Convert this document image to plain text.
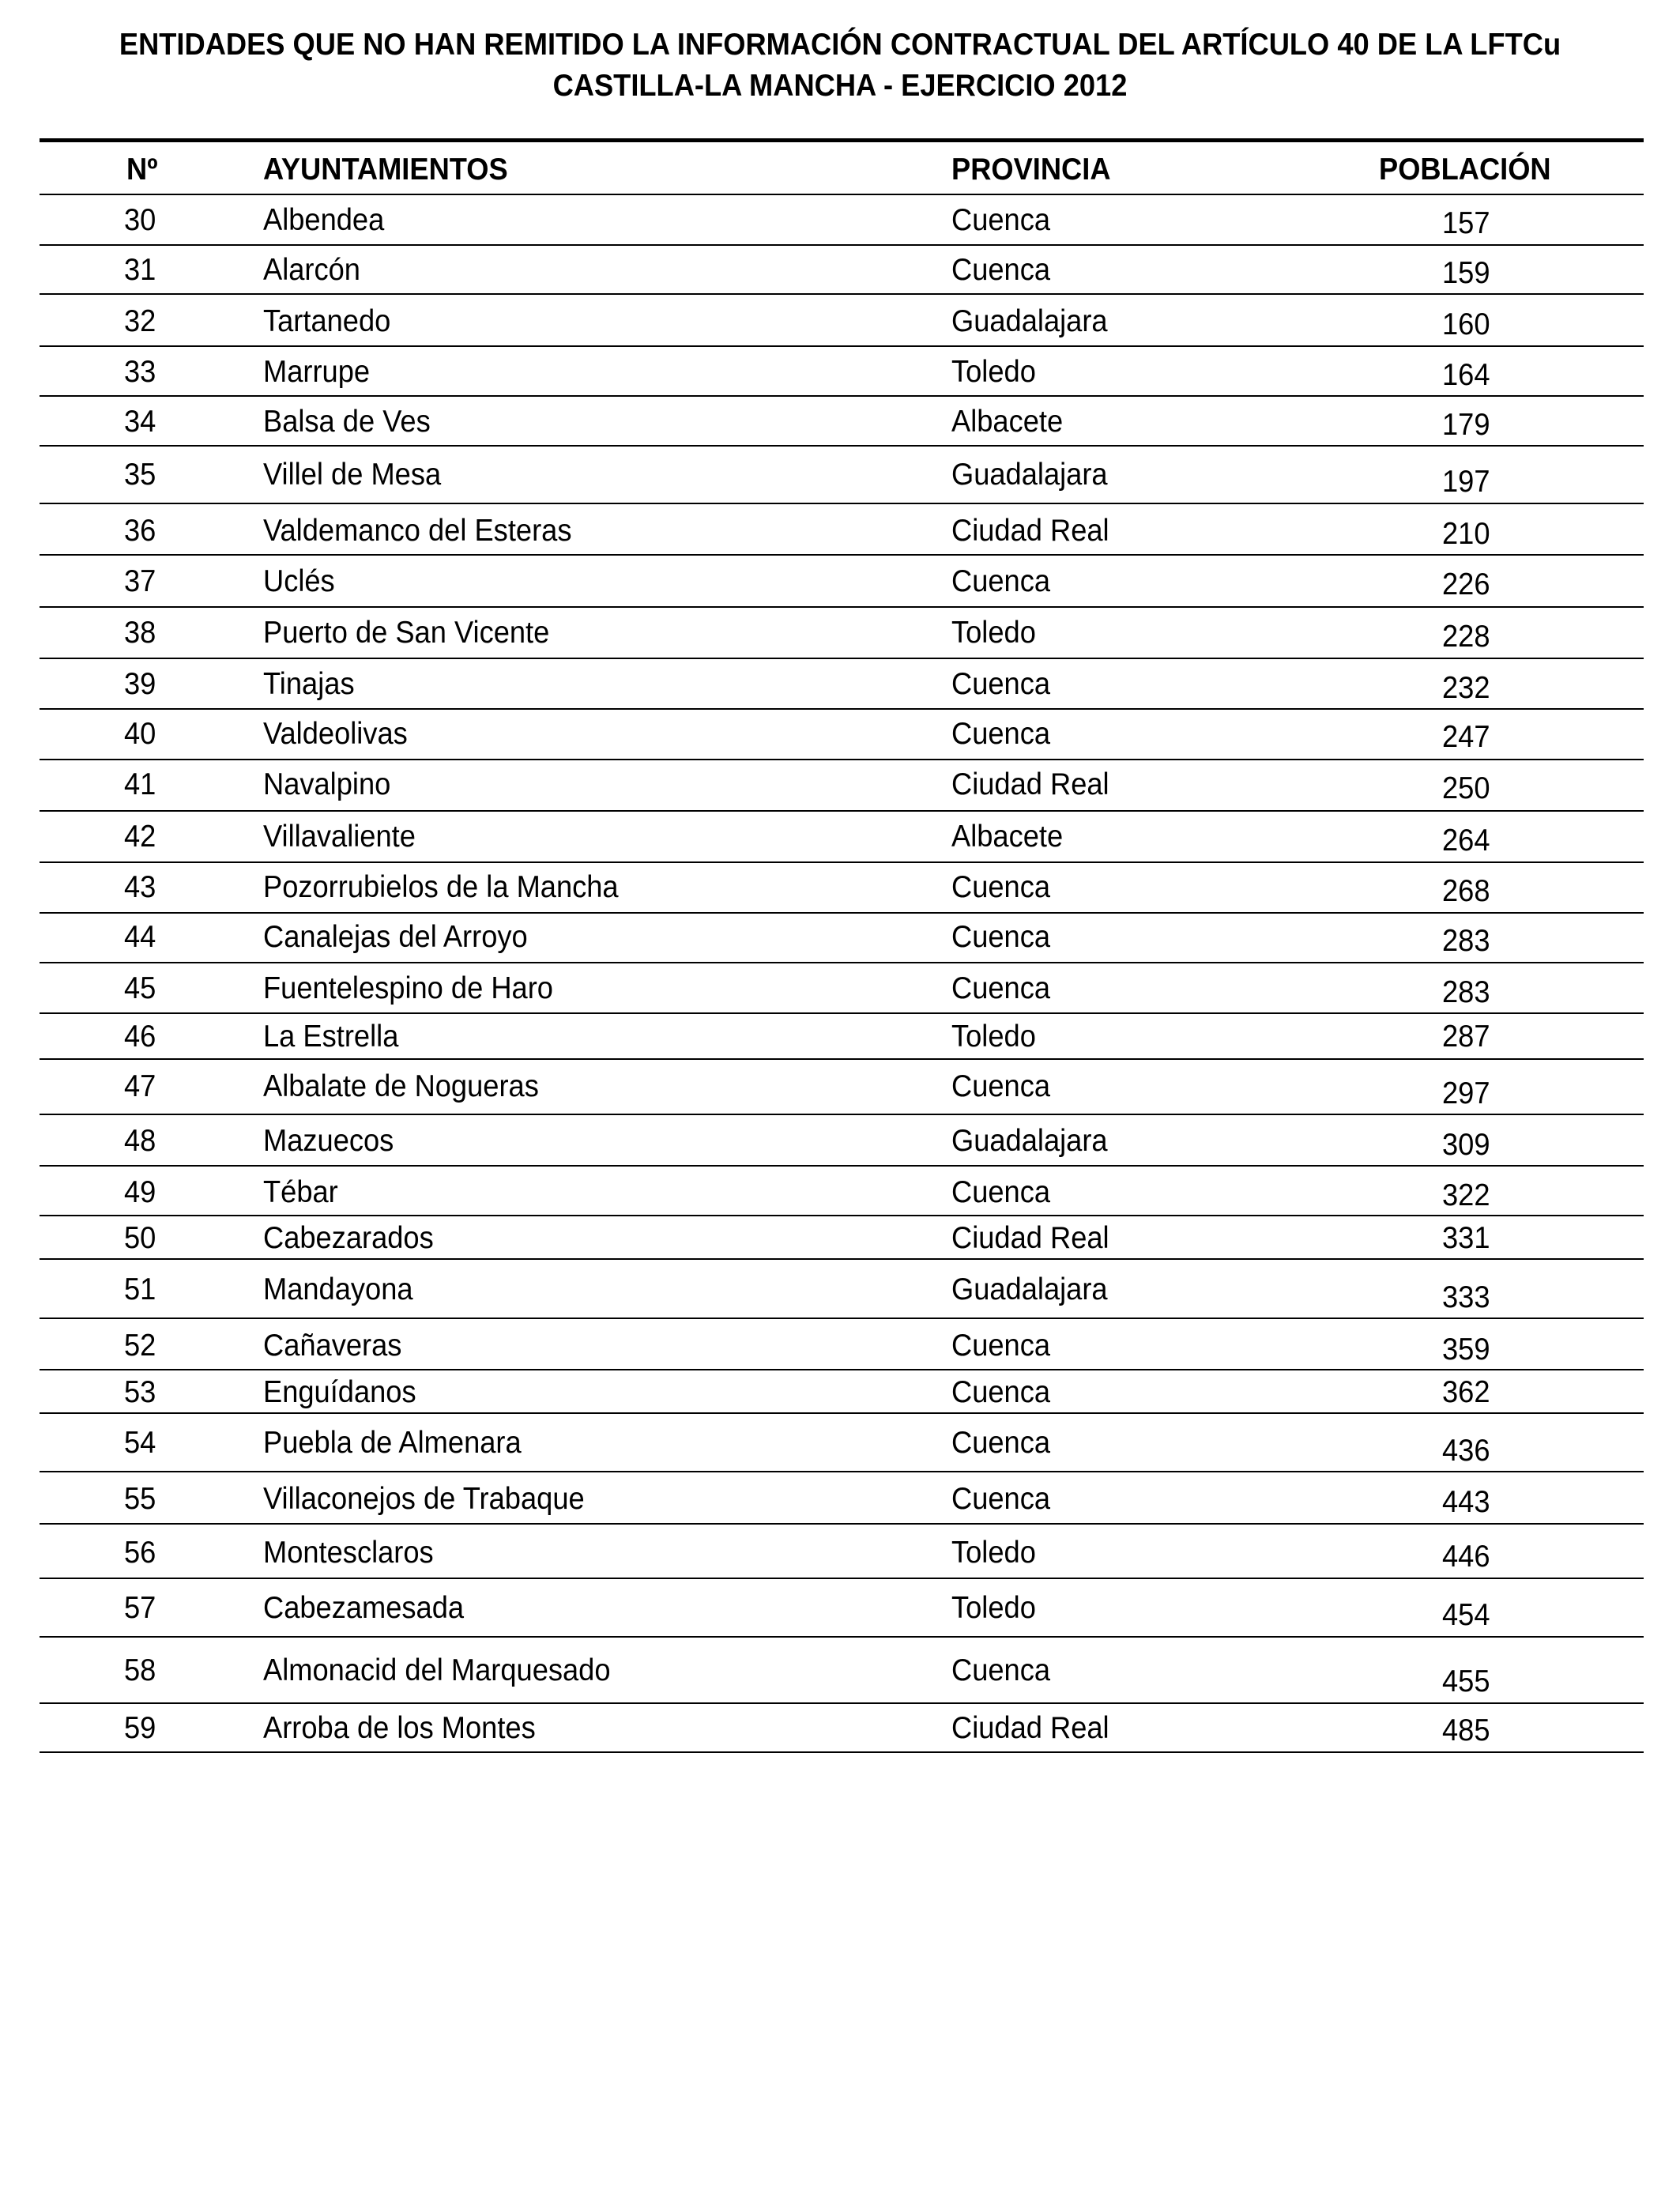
ENTIDADES QUE NO HAN REMITIDO LA INFORMACIÓN CONTRACTUAL DEL ARTÍCULO 40 DE LA LFTCu
CASTILLA-LA MANCHA - EJERCICIO 2012
Nº	AYUNTAMIENTOS	PROVINCIA	POBLACIÓN
30	Albendea	Cuenca	157
31	Alarcón	Cuenca	159
32	Tartanedo	Guadalajara	160
33	Marrupe	Toledo	164
34	Balsa de Ves	Albacete	179
35	Villel de Mesa	Guadalajara	197
36	Valdemanco del Esteras	Ciudad Real	210
37	Uclés	Cuenca	226
38	Puerto de San Vicente	Toledo	228
39	Tinajas	Cuenca	232
40	Valdeolivas	Cuenca	247
41	Navalpino	Ciudad Real	250
42	Villavaliente	Albacete	264
43	Pozorrubielos de la Mancha	Cuenca	268
44	Canalejas del Arroyo	Cuenca	283
45	Fuentelespino de Haro	Cuenca	283
46	La Estrella	Toledo	287
47	Albalate de Nogueras	Cuenca	297
48	Mazuecos	Guadalajara	309
49	Tébar	Cuenca	322
50	Cabezarados	Ciudad Real	331
51	Mandayona	Guadalajara	333
52	Cañaveras	Cuenca	359
53	Enguídanos	Cuenca	362
54	Puebla de Almenara	Cuenca	436
55	Villaconejos de Trabaque	Cuenca	443
56	Montesclaros	Toledo	446
57	Cabezamesada	Toledo	454
58	Almonacid del Marquesado	Cuenca	455
59	Arroba de los Montes	Ciudad Real	485
